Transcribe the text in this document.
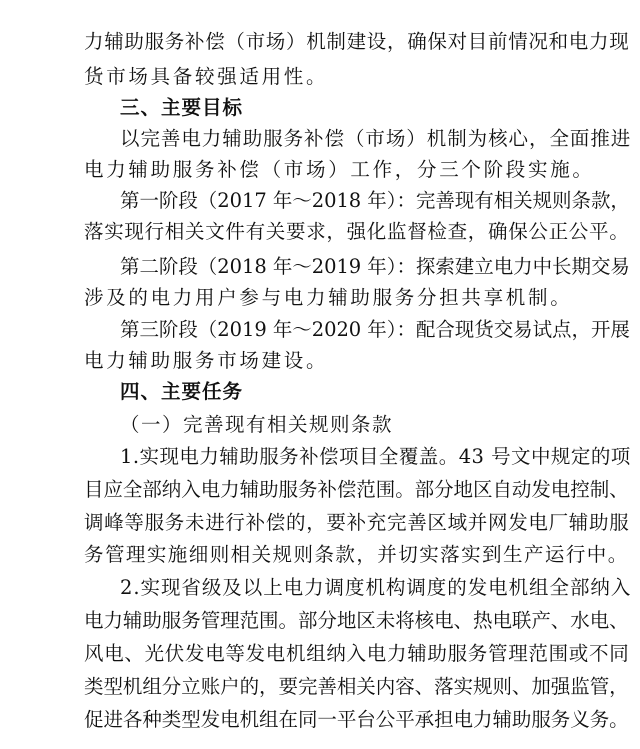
力辅助服务补偿（市场）机制建设，确保对目前情况和电力现
货市场具备较强适用性。
三、主要目标
以完善电力辅助服务补偿（市场）机制为核心，全面推进
电力辅助服务补偿（市场）工作，分三个阶段实施。
第一阶段（2017 年～2018 年）：完善现有相关规则条款，
落实现行相关文件有关要求，强化监督检查，确保公正公平。
第二阶段（2018 年～2019 年）：探索建立电力中长期交易
涉及的电力用户参与电力辅助服务分担共享机制。
第三阶段（2019 年～2020 年）：配合现货交易试点，开展
电力辅助服务市场建设。
四、主要任务
（一）完善现有相关规则条款
1.实现电力辅助服务补偿项目全覆盖。43 号文中规定的项
目应全部纳入电力辅助服务补偿范围。部分地区自动发电控制、
调峰等服务未进行补偿的，要补充完善区域并网发电厂辅助服
务管理实施细则相关规则条款，并切实落实到生产运行中。
2.实现省级及以上电力调度机构调度的发电机组全部纳入
电力辅助服务管理范围。部分地区未将核电、热电联产、水电、
风电、光伏发电等发电机组纳入电力辅助服务管理范围或不同
类型机组分立账户的，要完善相关内容、落实规则、加强监管，
促进各种类型发电机组在同一平台公平承担电力辅助服务义务。
